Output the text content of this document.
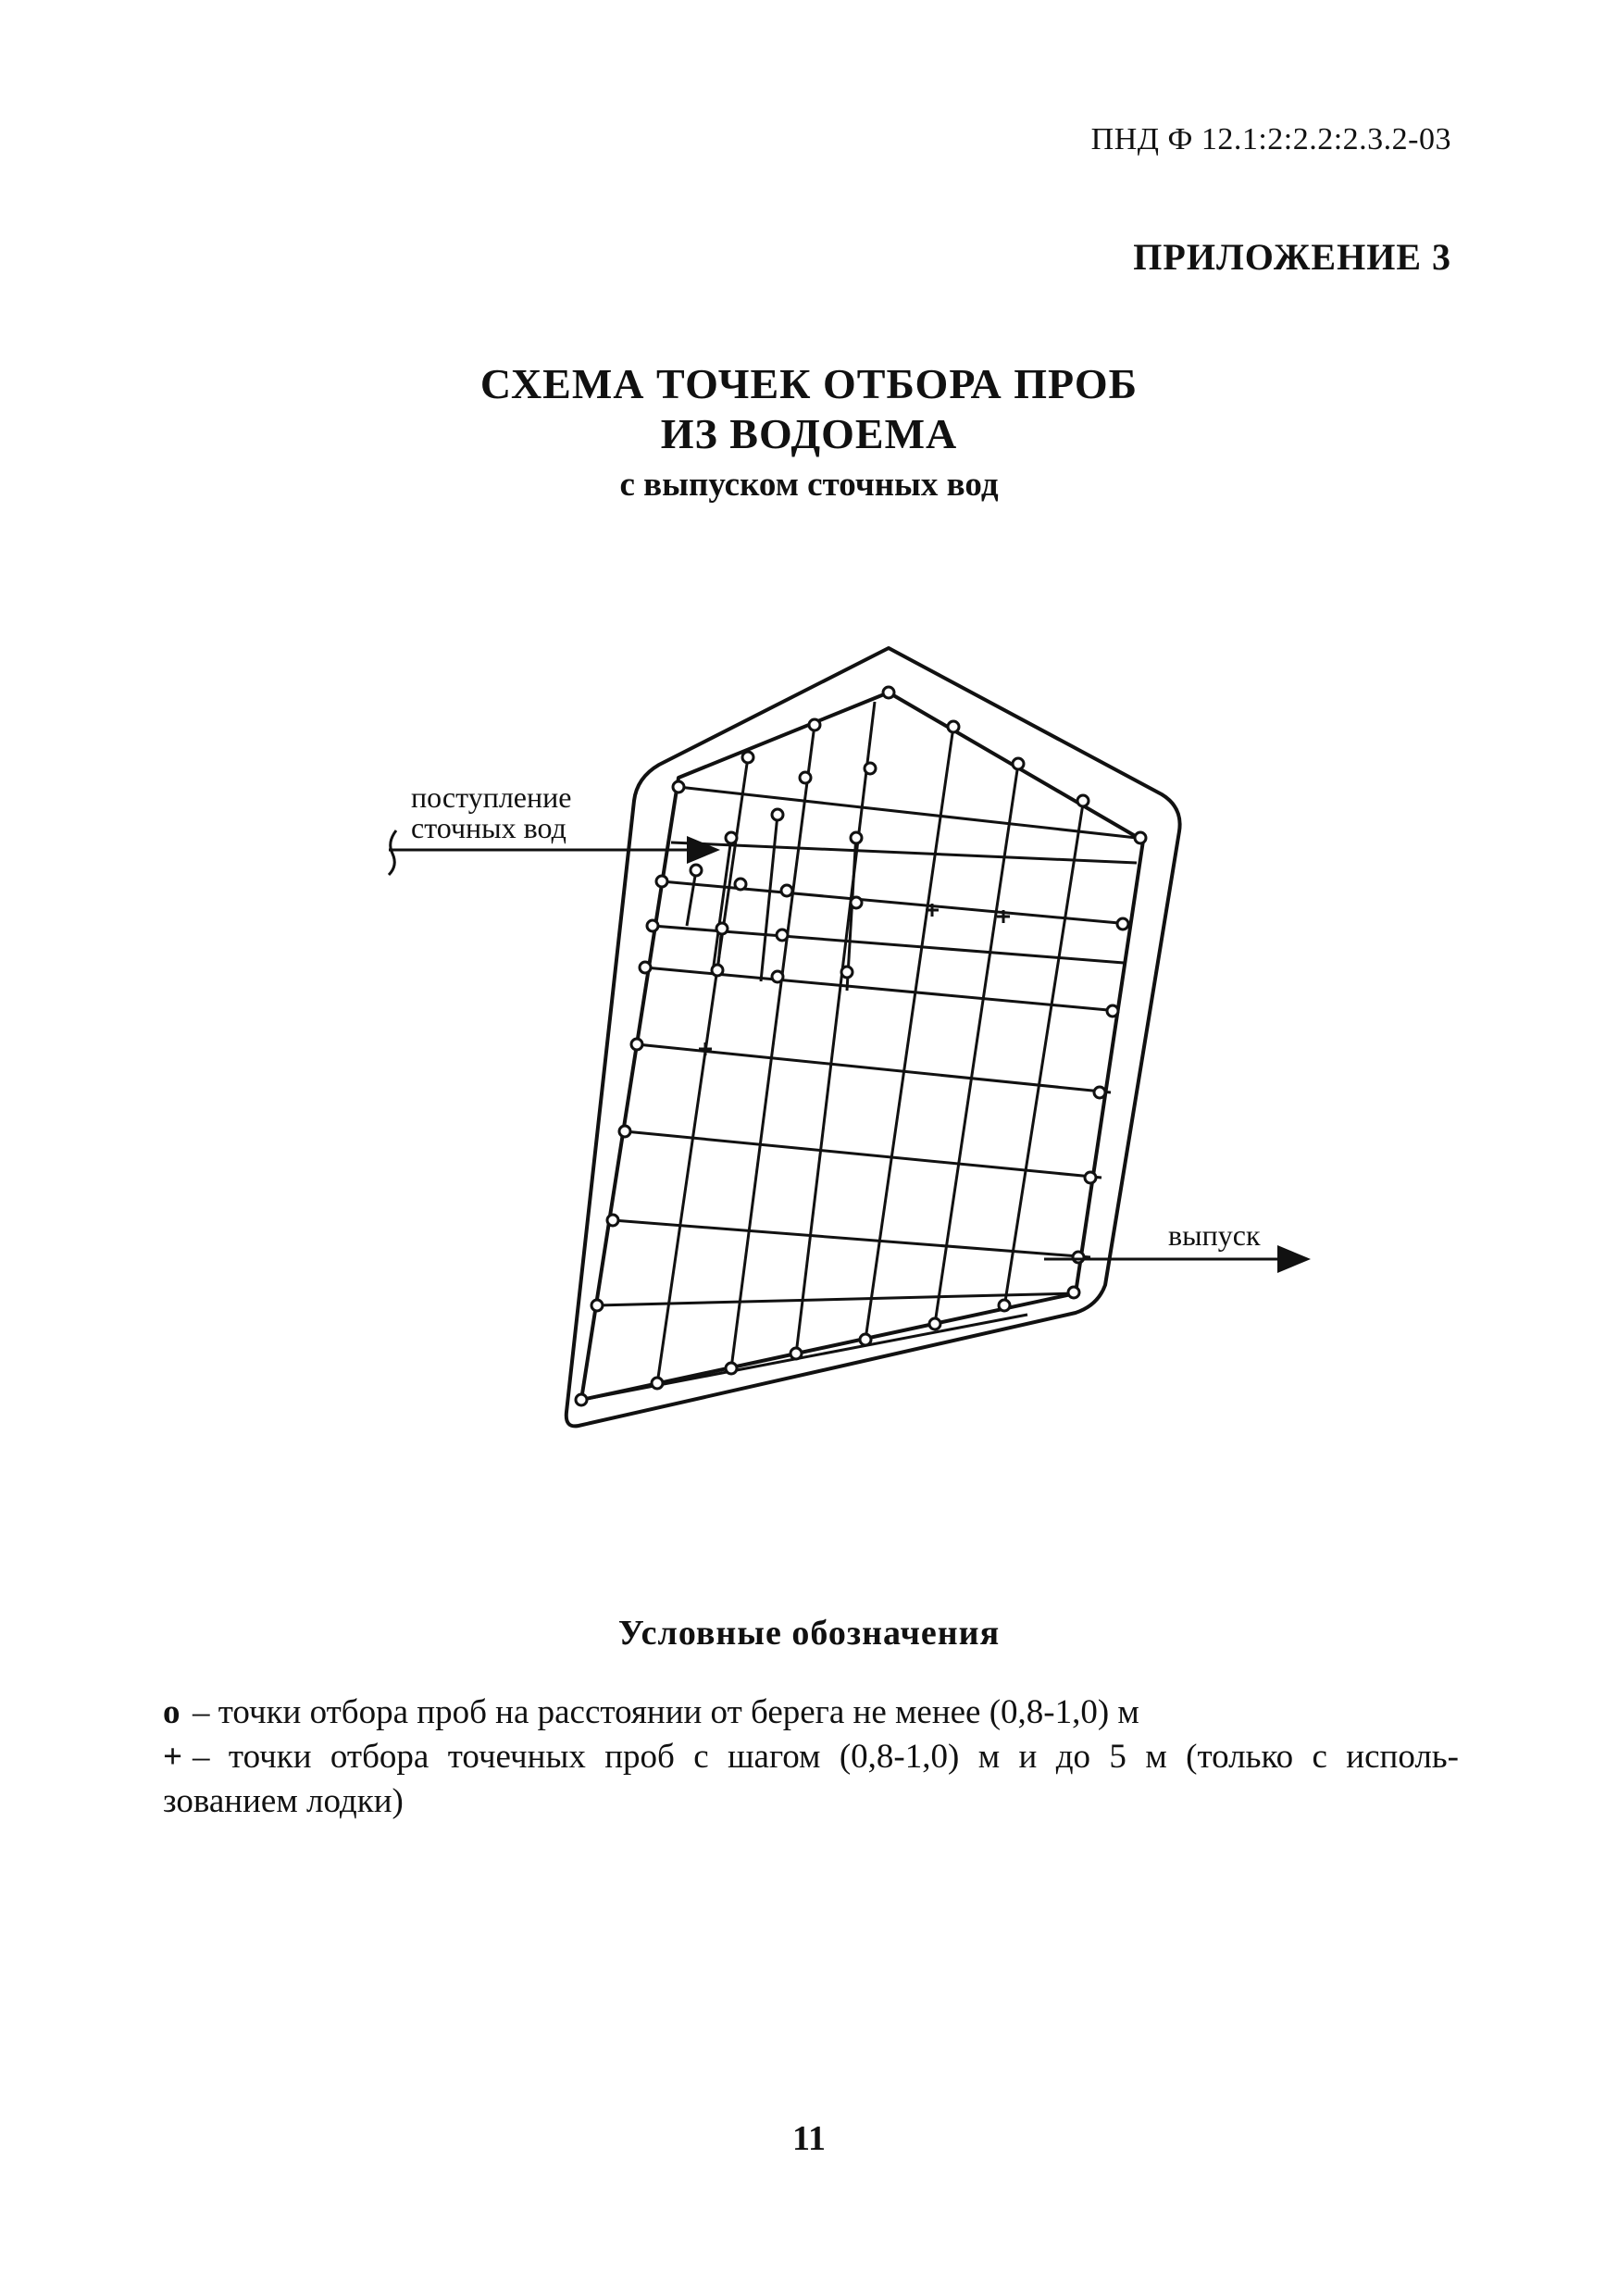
ПНД Ф 12.1:2:2.2:2.3.2-03
ПРИЛОЖЕНИЕ 3
СХЕМА ТОЧЕК ОТБОРА ПРОБ
ИЗ ВОДОЕМА
с выпуском сточных вод
поступление
сточных вод
выпуск
Условные обозначения
о – точки отбора проб на расстоянии от берега не менее (0,8-1,0) м
+ – точки отбора точечных проб с шагом (0,8-1,0) м и до 5 м (только с исполь-
зованием лодки)
11
